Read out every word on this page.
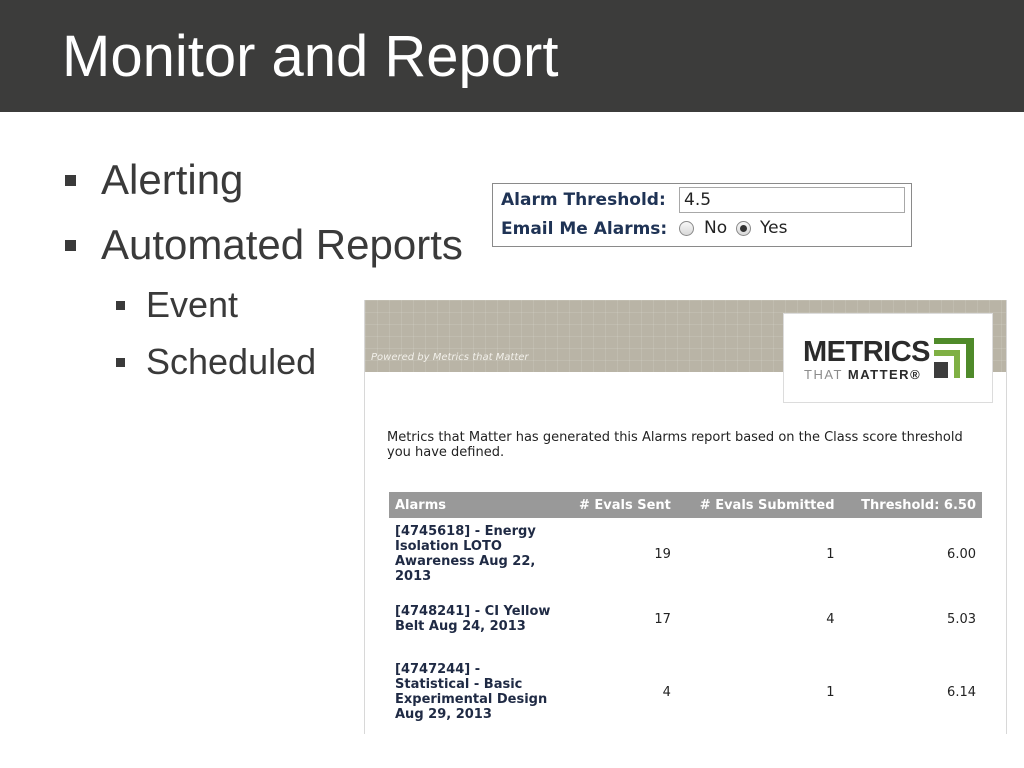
Monitor and Report
Alerting
Automated Reports
Event
Scheduled
Alarm Threshold:
4.5
Email Me Alarms: No Yes
Powered by Metrics that Matter	METRICS
THAT MATTER®
Metrics that Matter has generated this Alarms report based on the Class score threshold you have defined.
Alarms	# Evals Sent	# Evals Submitted	Threshold: 6.50
[4745618] - Energy Isolation LOTO Awareness Aug 22, 2013	19	1	6.00
[4748241] - CI Yellow Belt Aug 24, 2013	17	4	5.03
[4747244] - Statistical - Basic Experimental Design Aug 29, 2013	4	1	6.14
